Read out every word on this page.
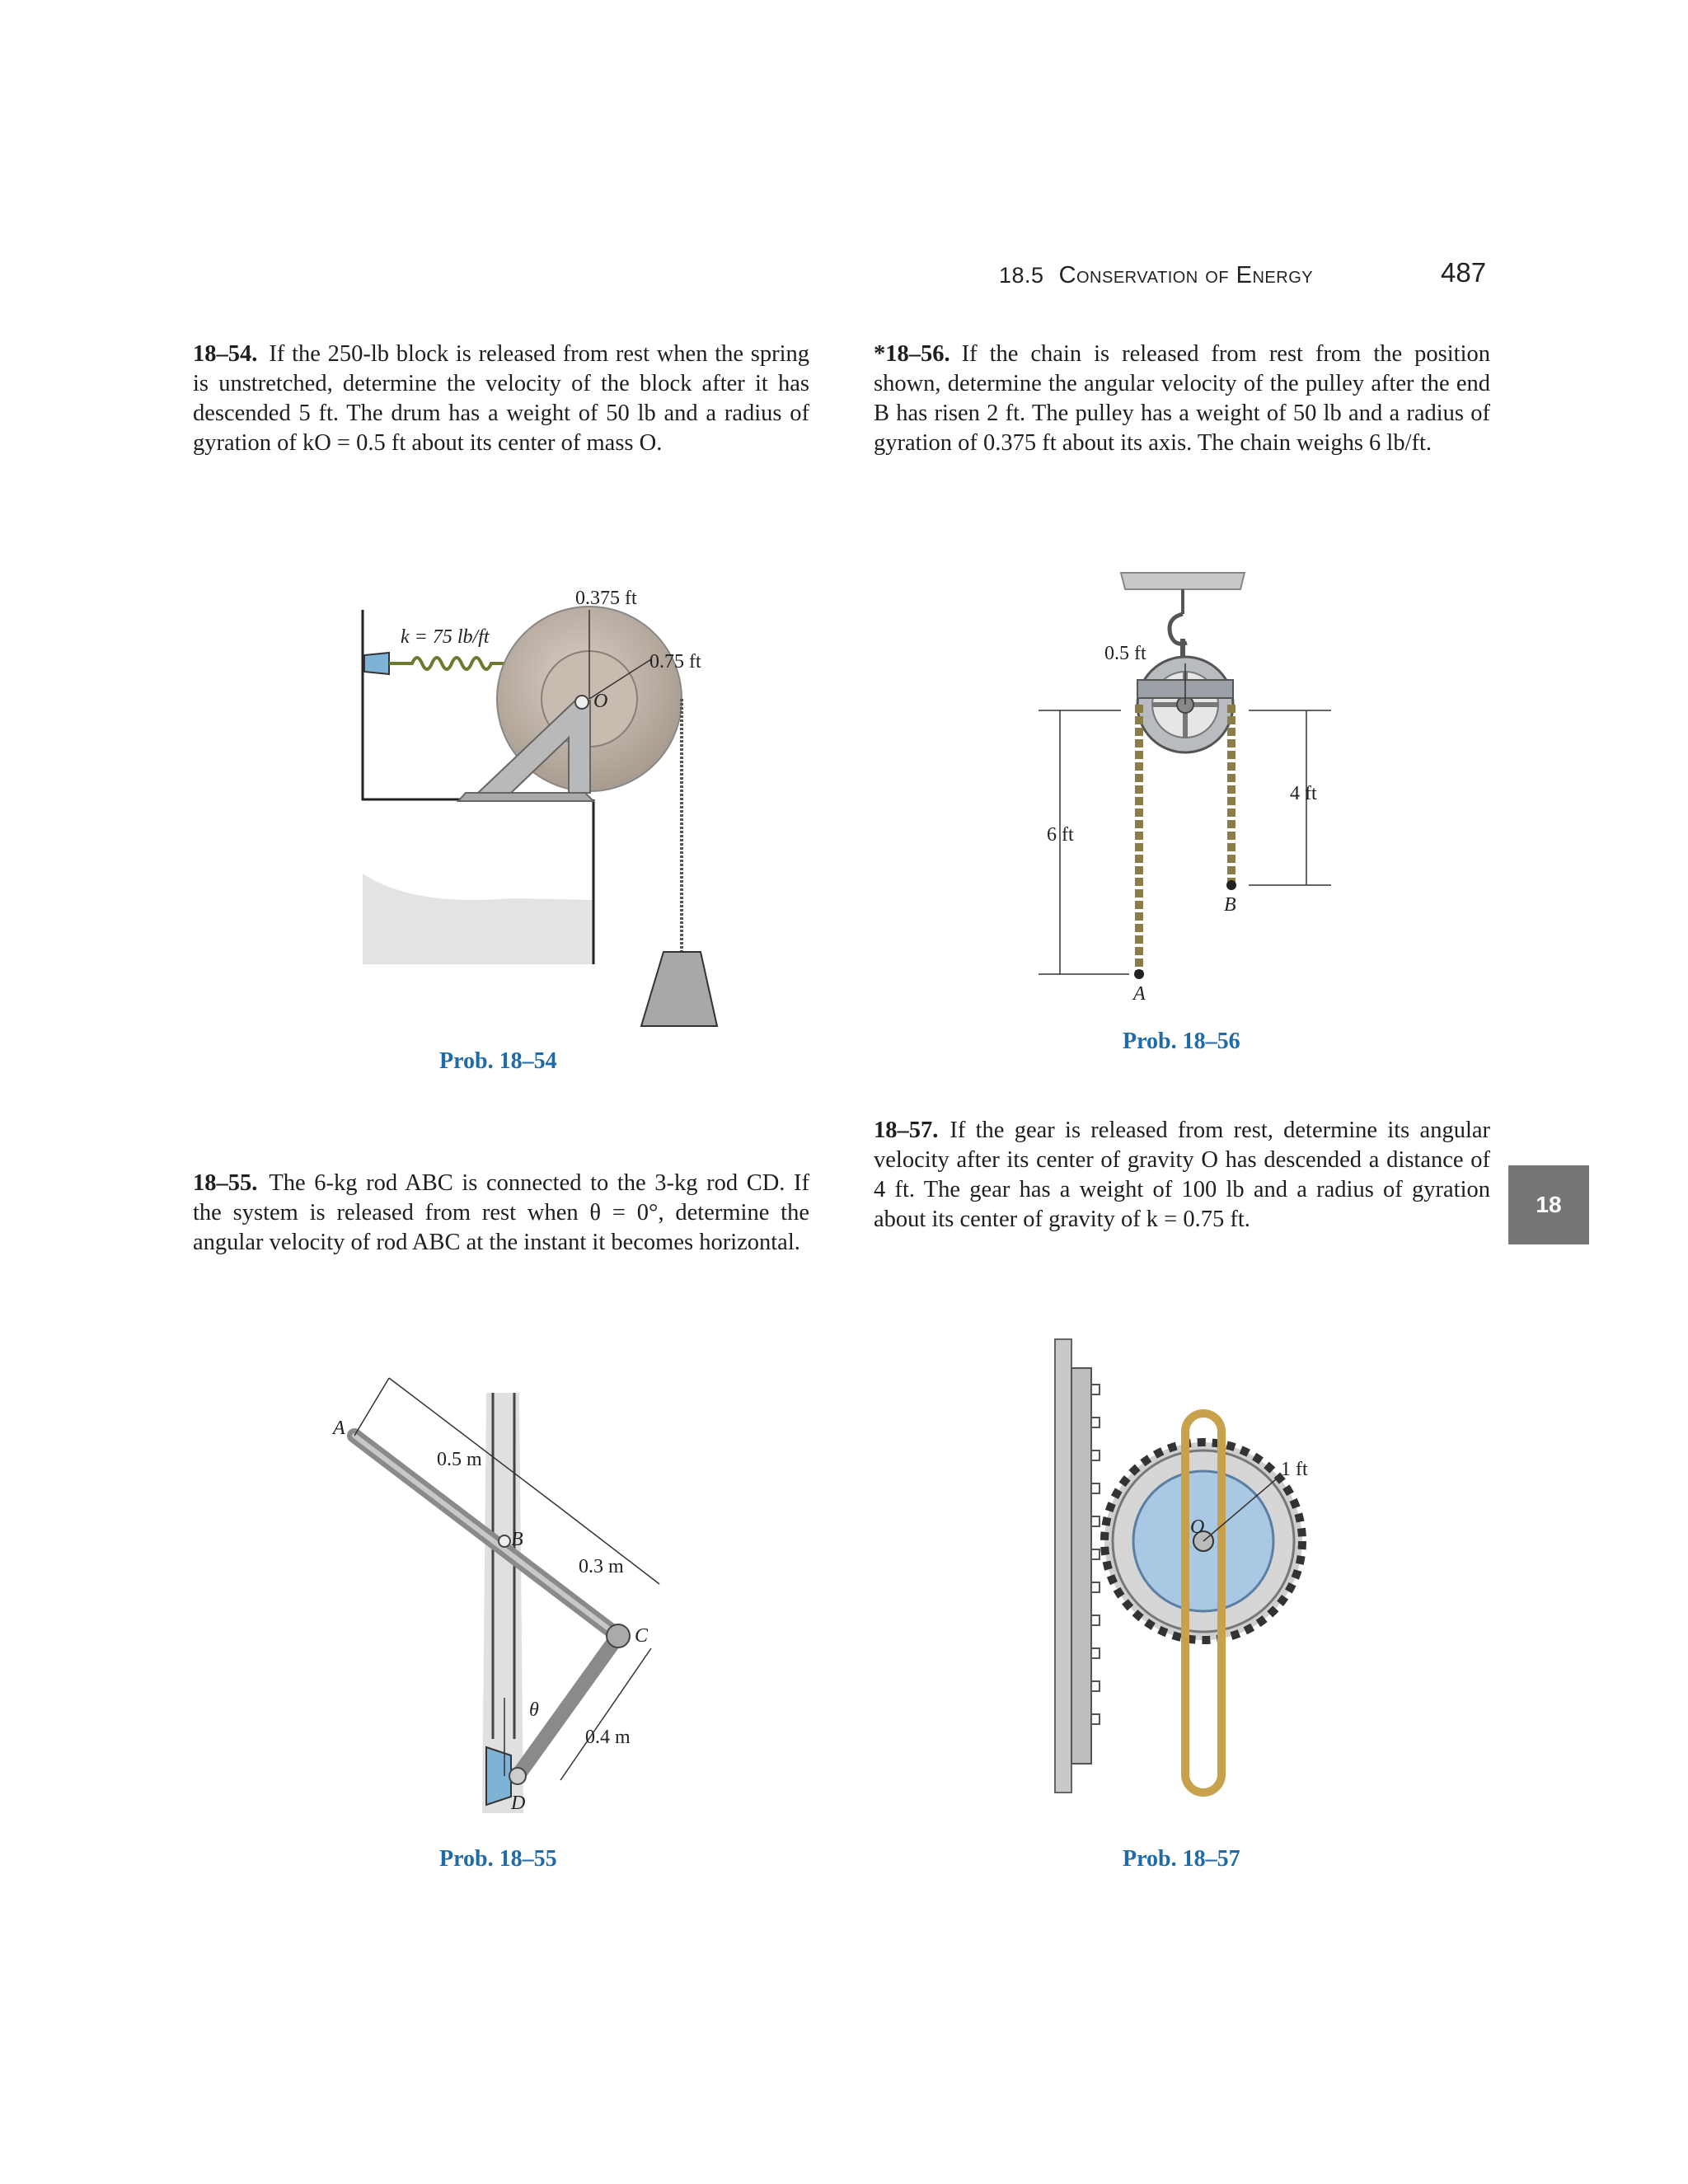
18.5 Conservation of Energy	487
18–54. If the 250-lb block is released from rest when the spring is unstretched, determine the velocity of the block after it has descended 5 ft. The drum has a weight of 50 lb and a radius of gyration of kO = 0.5 ft about its center of mass O.
*18–56. If the chain is released from rest from the position shown, determine the angular velocity of the pulley after the end B has risen 2 ft. The pulley has a weight of 50 lb and a radius of gyration of 0.375 ft about its axis. The chain weighs 6 lb/ft.
k = 75 lb/ft
0.375 ft
0.75 ft
O
Prob. 18–54
0.5 ft
6 ft
4 ft
A
B
Prob. 18–56
18–57. If the gear is released from rest, determine its angular velocity after its center of gravity O has descended a distance of 4 ft. The gear has a weight of 100 lb and a radius of gyration about its center of gravity of k = 0.75 ft.
18
18–55. The 6-kg rod ABC is connected to the 3-kg rod CD. If the system is released from rest when θ = 0°, determine the angular velocity of rod ABC at the instant it becomes horizontal.
A
0.5 m
B
0.3 m
C
θ
0.4 m
D
Prob. 18–55
1 ft
O
Prob. 18–57
